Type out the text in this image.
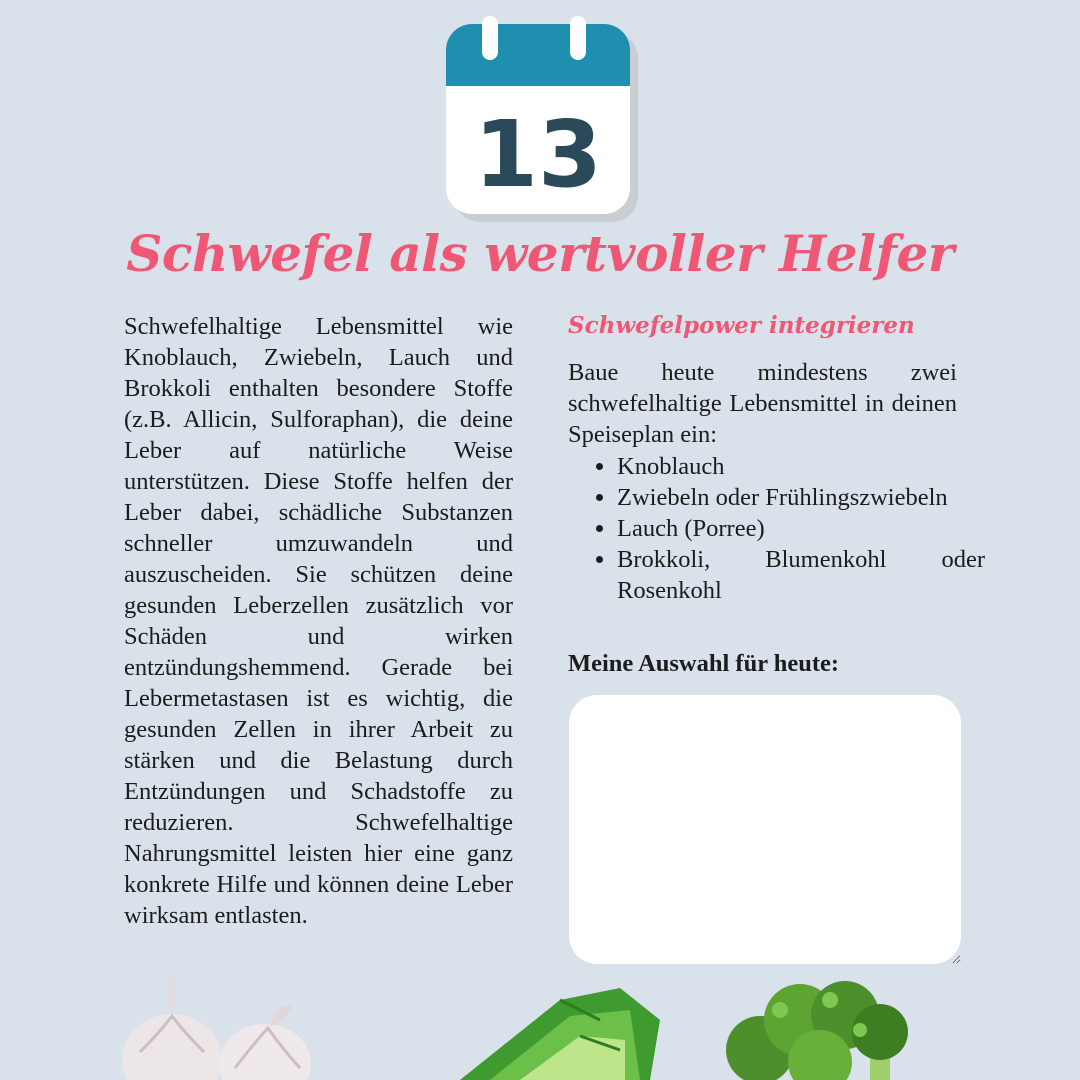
13
Schwefel als wertvoller Helfer

Schwefelhaltige Lebensmittel wie Knoblauch, Zwiebeln, Lauch und Brokkoli enthalten besondere Stoffe (z.B. Allicin, Sulforaphan), die deine Leber auf natürliche Weise unterstützen. Diese Stoffe helfen der Leber dabei, schädliche Substanzen schneller umzuwandeln und auszuscheiden. Sie schützen deine gesunden Leberzellen zusätzlich vor Schäden und wirken entzündungshemmend. Gerade bei Lebermetastasen ist es wichtig, die gesunden Zellen in ihrer Arbeit zu stärken und die Belastung durch Entzündungen und Schadstoffe zu reduzieren. Schwefelhaltige Nahrungsmittel leisten hier eine ganz konkrete Hilfe und können deine Leber wirksam entlasten.

Schwefelpower integrieren

Baue heute mindestens zwei schwefelhaltige Lebensmittel in deinen Speiseplan ein:

• Knoblauch
• Zwiebeln oder Frühlingszwiebeln
• Lauch (Porree)
• Brokkoli, Blumenkohl oder Rosenkohl

Meine Auswahl für heute:
